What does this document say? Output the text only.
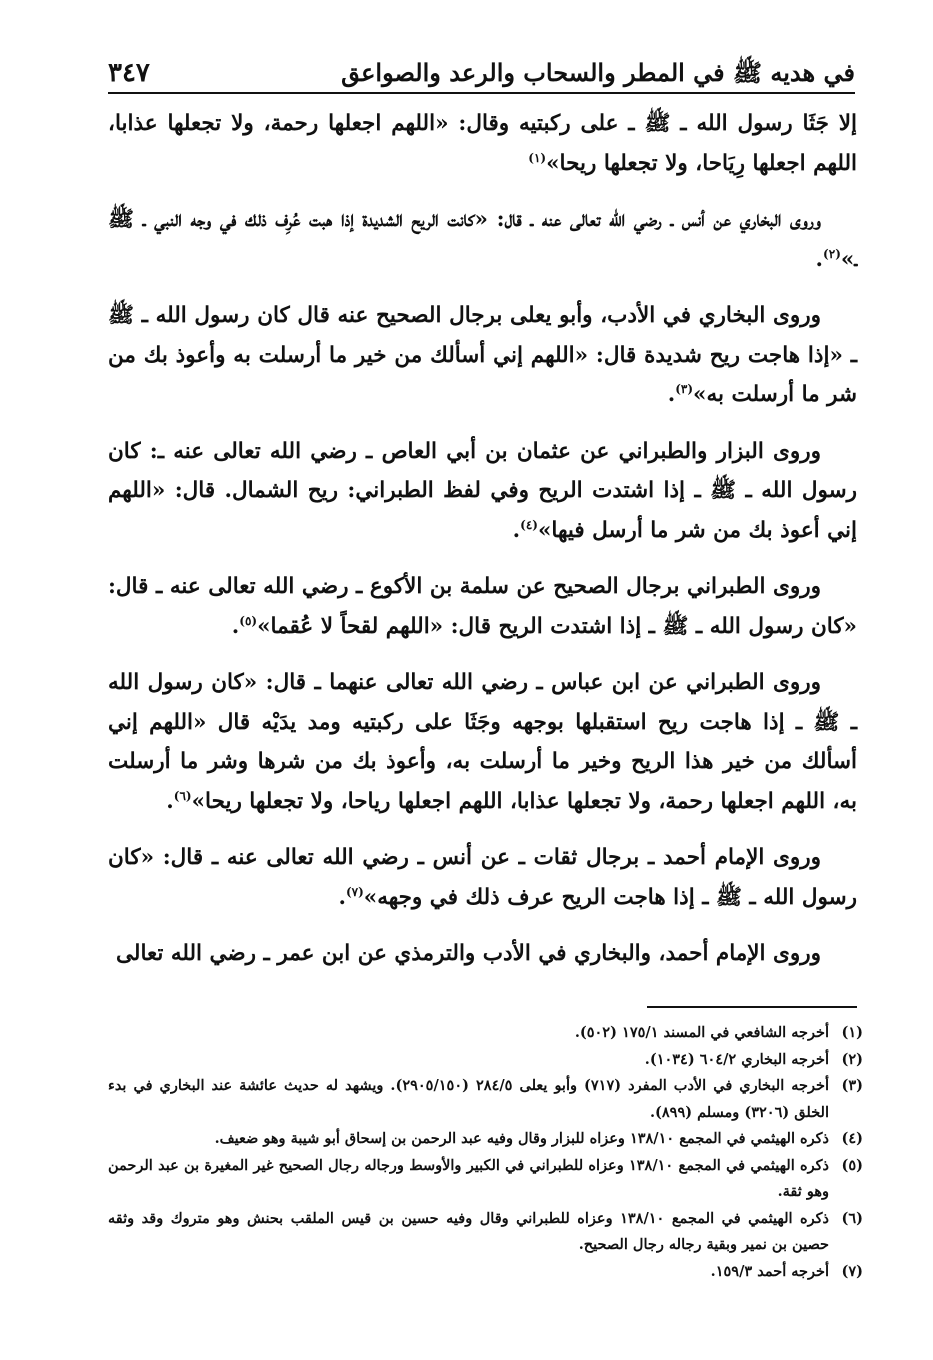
في هديه ﷺ في المطر والسحاب والرعد والصواعق
٣٤٧

إلا جَثَا رسول الله ـ ﷺ ـ على ركبتيه وقال: «اللهم اجعلها رحمة، ولا تجعلها عذابا، اللهم اجعلها رِيَاحا، ولا تجعلها ريحا»$^{(١)}$

وروى البخاري عن أنس ـ رضي الله تعالى عنه ـ قال: «كانت الريح الشديدة إذا هبت عُرِف ذلك في وجه النبي ـ ﷺ ـ»$^{(٢)}$.

وروى البخاري في الأدب، وأبو يعلى برجال الصحيح عنه قال كان رسول الله ـ ﷺ ـ «إذا هاجت ريح شديدة قال: «اللهم إني أسألك من خير ما أرسلت به وأعوذ بك من شر ما أرسلت به»$^{(٣)}$.

وروى البزار والطبراني عن عثمان بن أبي العاص ـ رضي الله تعالى عنه ـ: كان رسول الله ـ ﷺ ـ إذا اشتدت الريح وفي لفظ الطبراني: ريح الشمال. قال: «اللهم إني أعوذ بك من شر ما أرسل فيها»$^{(٤)}$.

وروى الطبراني برجال الصحيح عن سلمة بن الأكوع ـ رضي الله تعالى عنه ـ قال: «كان رسول الله ـ ﷺ ـ إذا اشتدت الريح قال: «اللهم لقحاً لا عُقما»$^{(٥)}$.

وروى الطبراني عن ابن عباس ـ رضي الله تعالى عنهما ـ قال: «كان رسول الله ـ ﷺ ـ إذا هاجت ريح استقبلها بوجهه وجَثَا على ركبتيه ومد يدَيْه قال «اللهم إني أسألك من خير هذا الريح وخير ما أرسلت به، وأعوذ بك من شرها وشر ما أرسلت به، اللهم اجعلها رحمة، ولا تجعلها عذابا، اللهم اجعلها رياحا، ولا تجعلها ريحا»$^{(٦)}$.

وروى الإمام أحمد ـ برجال ثقات ـ عن أنس ـ رضي الله تعالى عنه ـ قال: «كان رسول الله ـ ﷺ ـ إذا هاجت الريح عرف ذلك في وجهه»$^{(٧)}$.

وروى الإمام أحمد، والبخاري في الأدب والترمذي عن ابن عمر ـ رضي الله تعالى

(١)
أخرجه الشافعي في المسند ١٧٥/١ (٥٠٢).

(٢)
أخرجه البخاري ٦٠٤/٢ (١٠٣٤).

(٣)
أخرجه البخاري في الأدب المفرد (٧١٧) وأبو يعلى ٢٨٤/٥ (٢٩٠٥/١٥٠). ويشهد له حديث عائشة عند البخاري في بدء الخلق (٣٢٠٦) ومسلم (٨٩٩).

(٤)
ذكره الهيثمي في المجمع ١٣٨/١٠ وعزاه للبزار وقال وفيه عبد الرحمن بن إسحاق أبو شيبة وهو ضعيف.

(٥)
ذكره الهيثمي في المجمع ١٣٨/١٠ وعزاه للطبراني في الكبير والأوسط ورجاله رجال الصحيح غير المغيرة بن عبد الرحمن وهو ثقة.

(٦)
ذكره الهيثمي في المجمع ١٣٨/١٠ وعزاه للطبراني وقال وفيه حسين بن قيس الملقب بحنش وهو متروك وقد وثقه حصين بن نمير وبقية رجاله رجال الصحيح.

(٧)
أخرجه أحمد ١٥٩/٣.
